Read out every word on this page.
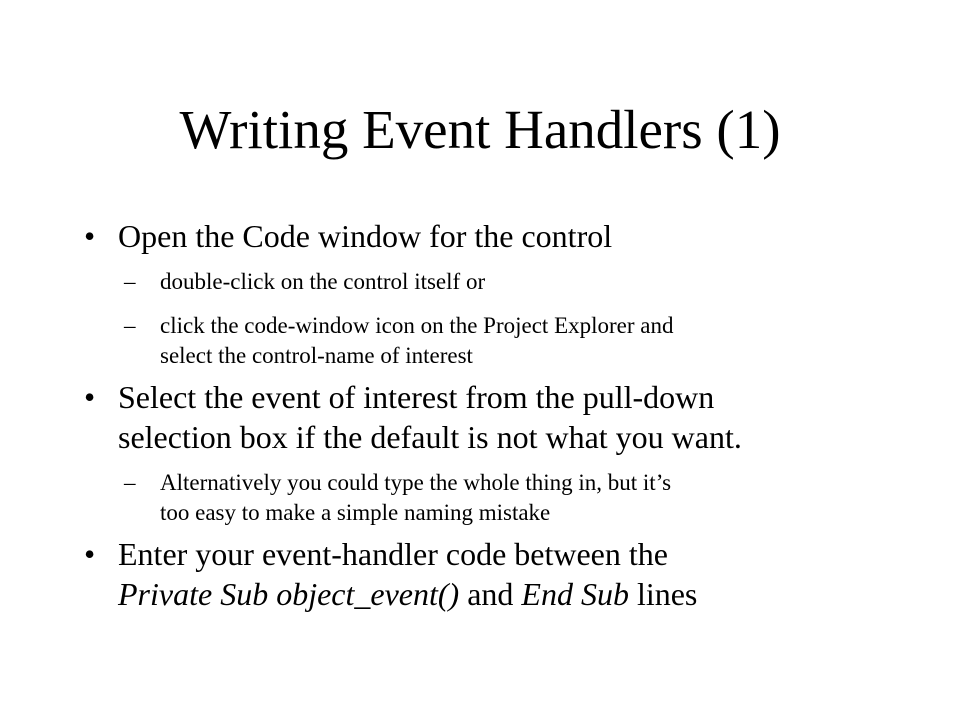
Writing Event Handlers (1)
• Open the Code window for the control
– double-click on the control itself or
– click the code-window icon on the Project Explorer and
select the control-name of interest
• Select the event of interest from the pull-down
selection box if the default is not what you want.
– Alternatively you could type the whole thing in, but it’s
too easy to make a simple naming mistake
• Enter your event-handler code between the
Private Sub object_event() and End Sub lines
